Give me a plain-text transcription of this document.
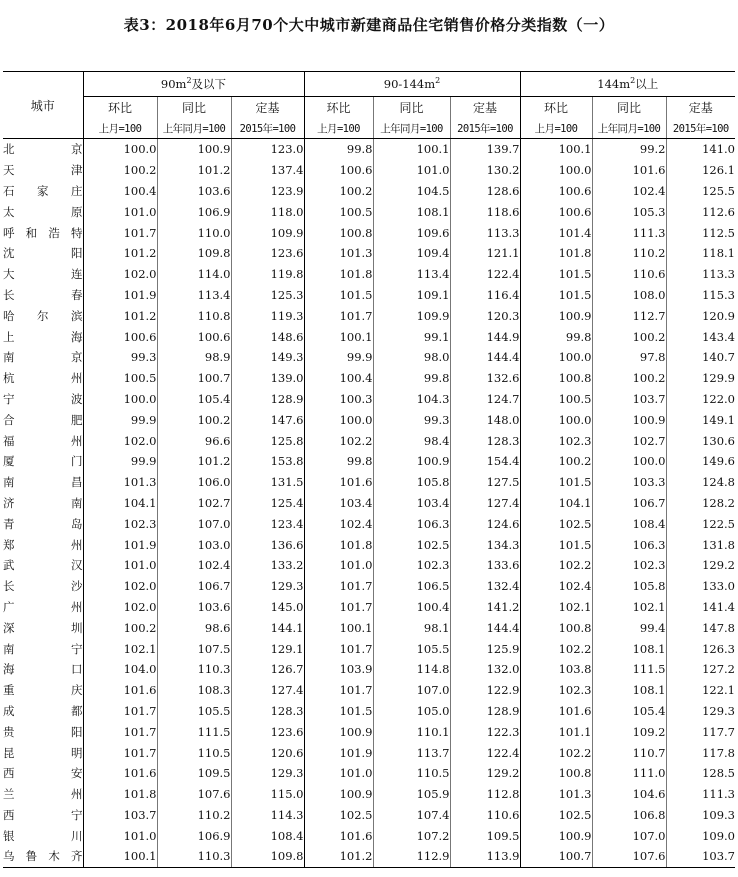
表3：2018年6月70个大中城市新建商品住宅销售价格分类指数（一）
城市	$90m^2$及以下			$90-144m^2$			$144m^2$以上		
	环比	同比	定基	环比	同比	定基	环比	同比	定基
	上月=100	上年同月=100	2015年=100	上月=100	上年同月=100	2015年=100	上月=100	上年同月=100	2015年=100
北京	100.0	100.9	123.0	99.8	100.1	139.7	100.1	99.2	141.0
天津	100.2	101.2	137.4	100.6	101.0	130.2	100.0	101.6	126.1
石家庄	100.4	103.6	123.9	100.2	104.5	128.6	100.6	102.4	125.5
太原	101.0	106.9	118.0	100.5	108.1	118.6	100.6	105.3	112.6
呼和浩特	101.7	110.0	109.9	100.8	109.6	113.3	101.4	111.3	112.5
沈阳	101.2	109.8	123.6	101.3	109.4	121.1	101.8	110.2	118.1
大连	102.0	114.0	119.8	101.8	113.4	122.4	101.5	110.6	113.3
长春	101.9	113.4	125.3	101.5	109.1	116.4	101.5	108.0	115.3
哈尔滨	101.2	110.8	119.3	101.7	109.9	120.3	100.9	112.7	120.9
上海	100.6	100.6	148.6	100.1	99.1	144.9	99.8	100.2	143.4
南京	99.3	98.9	149.3	99.9	98.0	144.4	100.0	97.8	140.7
杭州	100.5	100.7	139.0	100.4	99.8	132.6	100.8	100.2	129.9
宁波	100.0	105.4	128.9	100.3	104.3	124.7	100.5	103.7	122.0
合肥	99.9	100.2	147.6	100.0	99.3	148.0	100.0	100.9	149.1
福州	102.0	96.6	125.8	102.2	98.4	128.3	102.3	102.7	130.6
厦门	99.9	101.2	153.8	99.8	100.9	154.4	100.2	100.0	149.6
南昌	101.3	106.0	131.5	101.6	105.8	127.5	101.5	103.3	124.8
济南	104.1	102.7	125.4	103.4	103.4	127.4	104.1	106.7	128.2
青岛	102.3	107.0	123.4	102.4	106.3	124.6	102.5	108.4	122.5
郑州	101.9	103.0	136.6	101.8	102.5	134.3	101.5	106.3	131.8
武汉	101.0	102.4	133.2	101.0	102.3	133.6	102.2	102.3	129.2
长沙	102.0	106.7	129.3	101.7	106.5	132.4	102.4	105.8	133.0
广州	102.0	103.6	145.0	101.7	100.4	141.2	102.1	102.1	141.4
深圳	100.2	98.6	144.1	100.1	98.1	144.4	100.8	99.4	147.8
南宁	102.1	107.5	129.1	101.7	105.5	125.9	102.2	108.1	126.3
海口	104.0	110.3	126.7	103.9	114.8	132.0	103.8	111.5	127.2
重庆	101.6	108.3	127.4	101.7	107.0	122.9	102.3	108.1	122.1
成都	101.7	105.5	128.3	101.5	105.0	128.9	101.6	105.4	129.3
贵阳	101.7	111.5	123.6	100.9	110.1	122.3	101.1	109.2	117.7
昆明	101.7	110.5	120.6	101.9	113.7	122.4	102.2	110.7	117.8
西安	101.6	109.5	129.3	101.0	110.5	129.2	100.8	111.0	128.5
兰州	101.8	107.6	115.0	100.9	105.9	112.8	101.3	104.6	111.3
西宁	103.7	110.2	114.3	102.5	107.4	110.6	102.5	106.8	109.3
银川	101.0	106.9	108.4	101.6	107.2	109.5	100.9	107.0	109.0
乌鲁木齐	100.1	110.3	109.8	101.2	112.9	113.9	100.7	107.6	103.7
